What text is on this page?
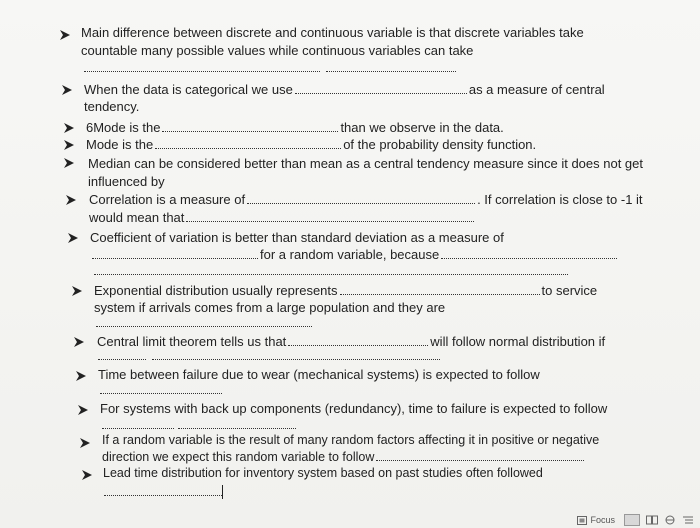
Main difference between discrete and continuous variable is that discrete variables take
countable many possible values while continuous variables can take
When the data is categorical we use	as a measure of central
tendency.
6Mode is the	than we observe in the data.
Mode is the	of the probability density function.
Median can be considered better than mean as a central tendency measure since it does not get
influenced by
Correlation is a measure of	. If correlation is close to -1 it
would mean that
Coefficient of variation is better than standard deviation as a measure of
for a random variable, because
Exponential distribution usually represents	to service
system if arrivals comes from a large population and they are
Central limit theorem tells us that	will follow normal distribution if
Time between failure due to wear (mechanical systems) is expected to follow
For systems with back up components (redundancy), time to failure is expected to follow
If a random variable is the result of many random factors affecting it in positive or negative
direction we expect this random variable to follow
Lead time distribution for inventory system based on past studies often followed
Focus
